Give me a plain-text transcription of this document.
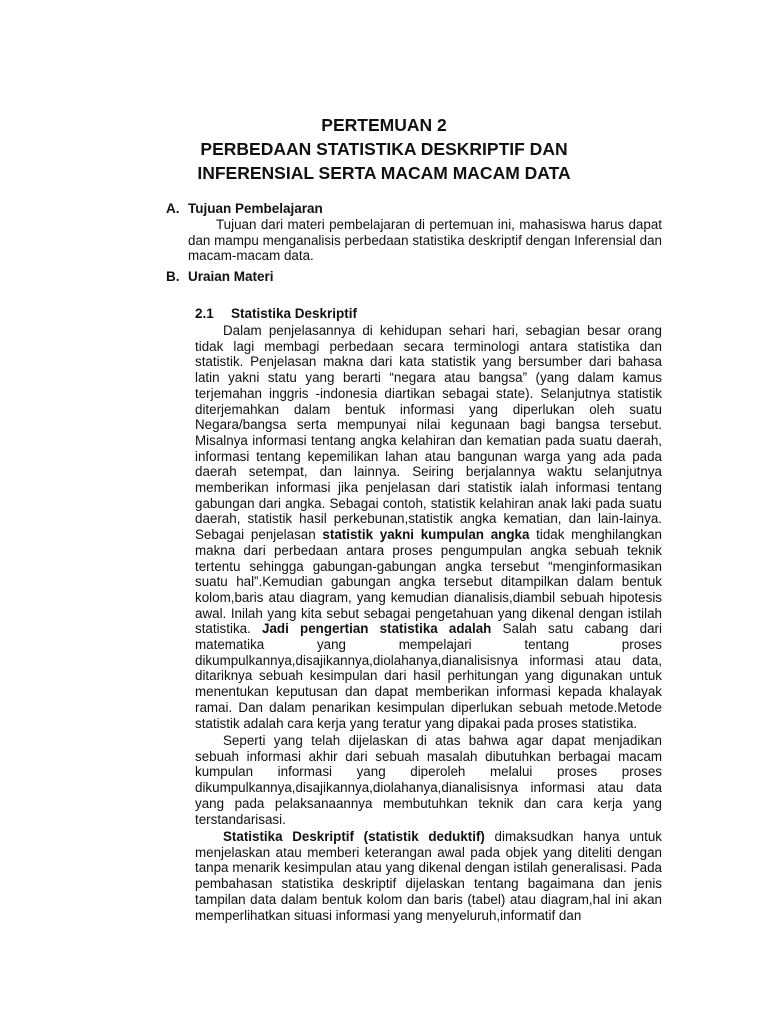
PERTEMUAN 2
PERBEDAAN STATISTIKA DESKRIPTIF DAN
INFERENSIAL SERTA MACAM MACAM DATA
A. Tujuan Pembelajaran
Tujuan dari materi pembelajaran di pertemuan ini, mahasiswa harus dapat dan mampu menganalisis perbedaan statistika deskriptif dengan Inferensial dan macam-macam data.
B. Uraian Materi
2.1 Statistika Deskriptif
Dalam penjelasannya di kehidupan sehari hari, sebagian besar orang tidak lagi membagi perbedaan secara terminologi antara statistika dan statistik. Penjelasan makna dari kata statistik yang bersumber dari bahasa latin yakni statu yang berarti “negara atau bangsa” (yang dalam kamus terjemahan inggris -indonesia diartikan sebagai state). Selanjutnya statistik diterjemahkan dalam bentuk informasi yang diperlukan oleh suatu Negara/bangsa serta mempunyai nilai kegunaan bagi bangsa tersebut. Misalnya informasi tentang angka kelahiran dan kematian pada suatu daerah, informasi tentang kepemilikan lahan atau bangunan warga yang ada pada daerah setempat, dan lainnya. Seiring berjalannya waktu selanjutnya memberikan informasi jika penjelasan dari statistik ialah informasi tentang gabungan dari angka. Sebagai contoh, statistik kelahiran anak laki pada suatu daerah, statistik hasil perkebunan,statistik angka kematian, dan lain-lainya. Sebagai penjelasan statistik yakni kumpulan angka tidak menghilangkan makna dari perbedaan antara proses pengumpulan angka sebuah teknik tertentu sehingga gabungan-gabungan angka tersebut “menginformasikan suatu hal”.Kemudian gabungan angka tersebut ditampilkan dalam bentuk kolom,baris atau diagram, yang kemudian dianalisis,diambil sebuah hipotesis awal. Inilah yang kita sebut sebagai pengetahuan yang dikenal dengan istilah statistika. Jadi pengertian statistika adalah Salah satu cabang dari matematika yang mempelajari tentang proses dikumpulkannya,disajikannya,diolahanya,dianalisisnya informasi atau data, ditariknya sebuah kesimpulan dari hasil perhitungan yang digunakan untuk menentukan keputusan dan dapat memberikan informasi kepada khalayak ramai. Dan dalam penarikan kesimpulan diperlukan sebuah metode.Metode statistik adalah cara kerja yang teratur yang dipakai pada proses statistika.
Seperti yang telah dijelaskan di atas bahwa agar dapat menjadikan sebuah informasi akhir dari sebuah masalah dibutuhkan berbagai macam kumpulan informasi yang diperoleh melalui proses proses dikumpulkannya,disajikannya,diolahanya,dianalisisnya informasi atau data yang pada pelaksanaannya membutuhkan teknik dan cara kerja yang terstandarisasi.
Statistika Deskriptif (statistik deduktif) dimaksudkan hanya untuk menjelaskan atau memberi keterangan awal pada objek yang diteliti dengan tanpa menarik kesimpulan atau yang dikenal dengan istilah generalisasi. Pada pembahasan statistika deskriptif dijelaskan tentang bagaimana dan jenis tampilan data dalam bentuk kolom dan baris (tabel) atau diagram,hal ini akan memperlihatkan situasi informasi yang menyeluruh,informatif dan
